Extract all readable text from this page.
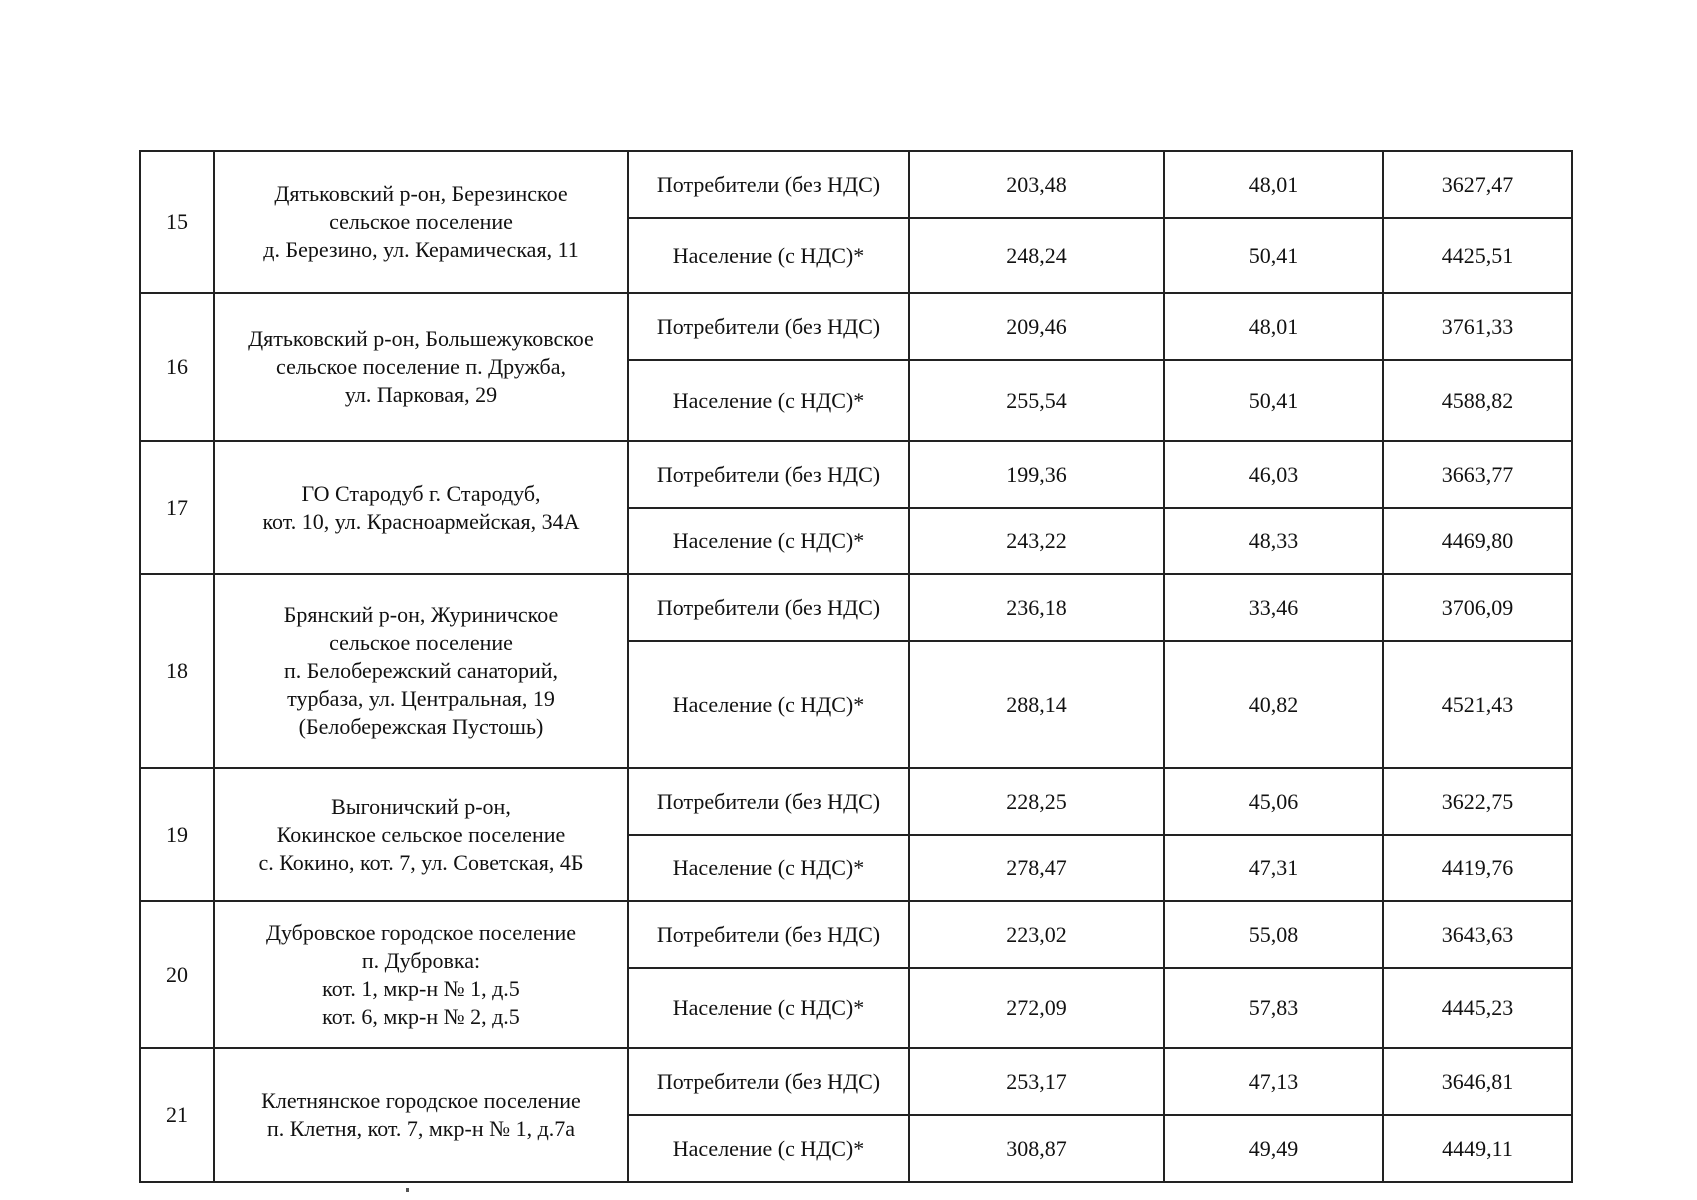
15	Дятьковский р-он, Березинское
сельское поселение
д. Березино, ул. Керамическая, 11	Потребители (без НДС)	203,48	48,01	3627,47
		Население (с НДС)*	248,24	50,41	4425,51
16	Дятьковский р-он, Большежуковское
сельское поселение п. Дружба,
ул. Парковая, 29	Потребители (без НДС)	209,46	48,01	3761,33
		Население (с НДС)*	255,54	50,41	4588,82
17	ГО Стародуб г. Стародуб,
кот. 10, ул. Красноармейская, 34А	Потребители (без НДС)	199,36	46,03	3663,77
		Население (с НДС)*	243,22	48,33	4469,80
18	Брянский р-он, Журиничское
сельское поселение
п. Белобережский санаторий,
турбаза, ул. Центральная, 19
(Белобережская Пустошь)	Потребители (без НДС)	236,18	33,46	3706,09
		Население (с НДС)*	288,14	40,82	4521,43
19	Выгоничский р-он,
Кокинское сельское поселение
с. Кокино, кот. 7, ул. Советская, 4Б	Потребители (без НДС)	228,25	45,06	3622,75
		Население (с НДС)*	278,47	47,31	4419,76
20	Дубровское городское поселение
п. Дубровка:
кот. 1, мкр-н № 1, д.5
кот. 6, мкр-н № 2, д.5	Потребители (без НДС)	223,02	55,08	3643,63
		Население (с НДС)*	272,09	57,83	4445,23
21	Клетнянское городское поселение
п. Клетня, кот. 7, мкр-н № 1, д.7а	Потребители (без НДС)	253,17	47,13	3646,81
		Население (с НДС)*	308,87	49,49	4449,11
